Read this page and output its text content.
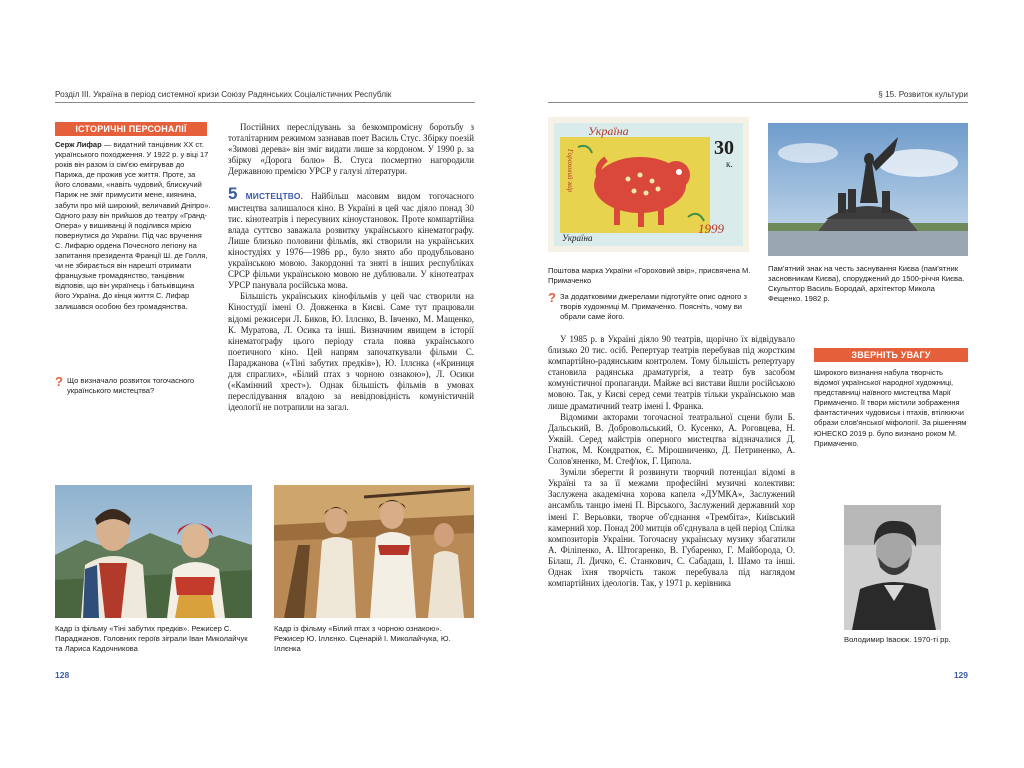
Розділ ІІІ. Україна в період системної кризи Союзу Радянських Соціалістичних Республік
ІСТОРИЧНІ ПЕРСОНАЛІЇ

Серж Лифар — видатний танцівник XX ст. українського походження. У 1922 р. у віці 17 років він разом із сім'єю емігрував до Парижа, де прожив усе життя. Проте, за його словами, «навіть чудовий, блискучий Париж не зміг примусити мене, киянина, забути про мій широкий, величавий Дніпро». Одного разу він прийшов до театру «Гранд-Опера» у вишиванці й поділився мрією повернутися до України. Під час вручення С. Лифарю ордена Почесного легіону на запитання президента Франції Ш. де Голля, чи не збирається він нарешті отримати французьке громадянство, танцівник відповів, що він українець і батьківщина його Україна. До кінця життя С. Лифар залишався особою без громадянства.

? Що визначало розвиток тогочасного українського мистецтва?

Постійних переслідувань за безкомпромісну боротьбу з тоталітарним режимом зазнавав поет Василь Стус. Збірку поезій «Зимові дерева» він зміг видати лише за кордоном. У 1990 р. за збірку «Дорога болю» В. Стуса посмертно нагородили Державною премією УРСР у галузі літератури.

5 МИСТЕЦТВО. Найбільш масовим видом тогочасного мистецтва залишалося кіно. В Україні в цей час діяло понад 30 тис. кінотеатрів і пересувних кіноустановок. Проте компартійна влада суттєво заважала розвитку українського кінематографу. Лише близько половини фільмів, які створили на українських кіностудіях у 1976—1986 рр., було знято або продубльовано українською мовою. Закордонні та зняті в інших республіках СРСР фільми українською мовою не дублювали. У кінотеатрах УРСР панувала російська мова.

Більшість українських кінофільмів у цей час створили на Кіностудії імені О. Довженка в Києві. Саме тут працювали відомі режисери Л. Биков, Ю. Іллєнко, В. Івченко, М. Мащенко, К. Муратова, Л. Осика та інші. Визначним явищем в історії кінематографу цього періоду стала поява українського поетичного кіно. Цей напрям започаткували фільми С. Параджанова («Тіні забутих предків»), Ю. Іллєнка («Криниця для спраглих», «Білий птах з чорною ознакою»), Л. Осики («Камінний хрест»). Однак більшість фільмів в умовах переслідування владою за невідповідність комуністичній ідеології не потрапили на загал.

Кадр із фільму «Тіні забутих предків». Режисер С. Параджанов. Головних героїв зіграли Іван Миколайчук та Лариса Кадочникова
Кадр із фільму «Білий птах з чорною ознакою». Режисер Ю. Іллєнко. Сценарій І. Миколайчука, Ю. Іллєнка
128
§ 15. Розвиток культури
Україна
Гороховий звір
30
к.
1999
Україна
Поштова марка України «Гороховий звір», присвячена М. Примаченко
? За додатковими джерелами підготуйте опис одного з творів художниці М. Примаченко. Поясніть, чому ви обрали саме його.
Пам'ятний знак на честь заснування Києва (пам'ятник засновникам Києва), споруджений до 1500-річчя Києва. Скульптор Василь Бородай, архітектор Микола Фещенко. 1982 р.

У 1985 р. в Україні діяло 90 театрів, щорічно їх відвідувало близько 20 тис. осіб. Репертуар театрів перебував під жорстким компартійно-радянським контролем. Тому більшість репертуару становила радянська драматургія, а театр був засобом комуністичної пропаганди. Майже всі вистави йшли російською мовою. Так, у Києві серед семи театрів тільки українською мав лише драматичний театр імені І. Франка.

Відомими акторами тогочасної театральної сцени були Б. Дальський, В. Добровольський, О. Кусенко, А. Роговцева, Н. Ужвій. Серед майстрів оперного мистецтва відзначалися Д. Гнатюк, М. Кондратюк, Є. Мірошниченко, Д. Петриненко, А. Солов'яненко, М. Стеф'юк, Г. Ципола.

Зуміли зберегти й розвинути творчий потенціал відомі в Україні та за її межами професійні музичні колективи: Заслужена академічна хорова капела «ДУМКА», Заслужений ансамбль танцю імені П. Вірського, Заслужений державний хор імені Г. Верьовки, творче об'єднання «Трембіта», Київський камерний хор. Понад 200 митців об'єднувала в цей період Спілка композиторів України. Тогочасну українську музику збагатили А. Філіпенко, А. Штогаренко, В. Губаренко, Г. Майборода, О. Білаш, Л. Дичко, Є. Станкович, С. Сабадаш, І. Шамо та інші. Однак їхня творчість також перебувала під наглядом компартійних ідеологів. Так, у 1971 р. керівника

ЗВЕРНІТЬ УВАГУ
Широкого визнання набула творчість відомої української народної художниці, представниці наївного мистецтва Марії Примаченко. Її твори містили зображення фантастичних чудовиськ і птахів, втілюючи образи слов'янської міфології. За рішенням ЮНЕСКО 2019 р. було визнано роком М. Примаченко.
Володимир Івасюк. 1970-ті рр.
129
